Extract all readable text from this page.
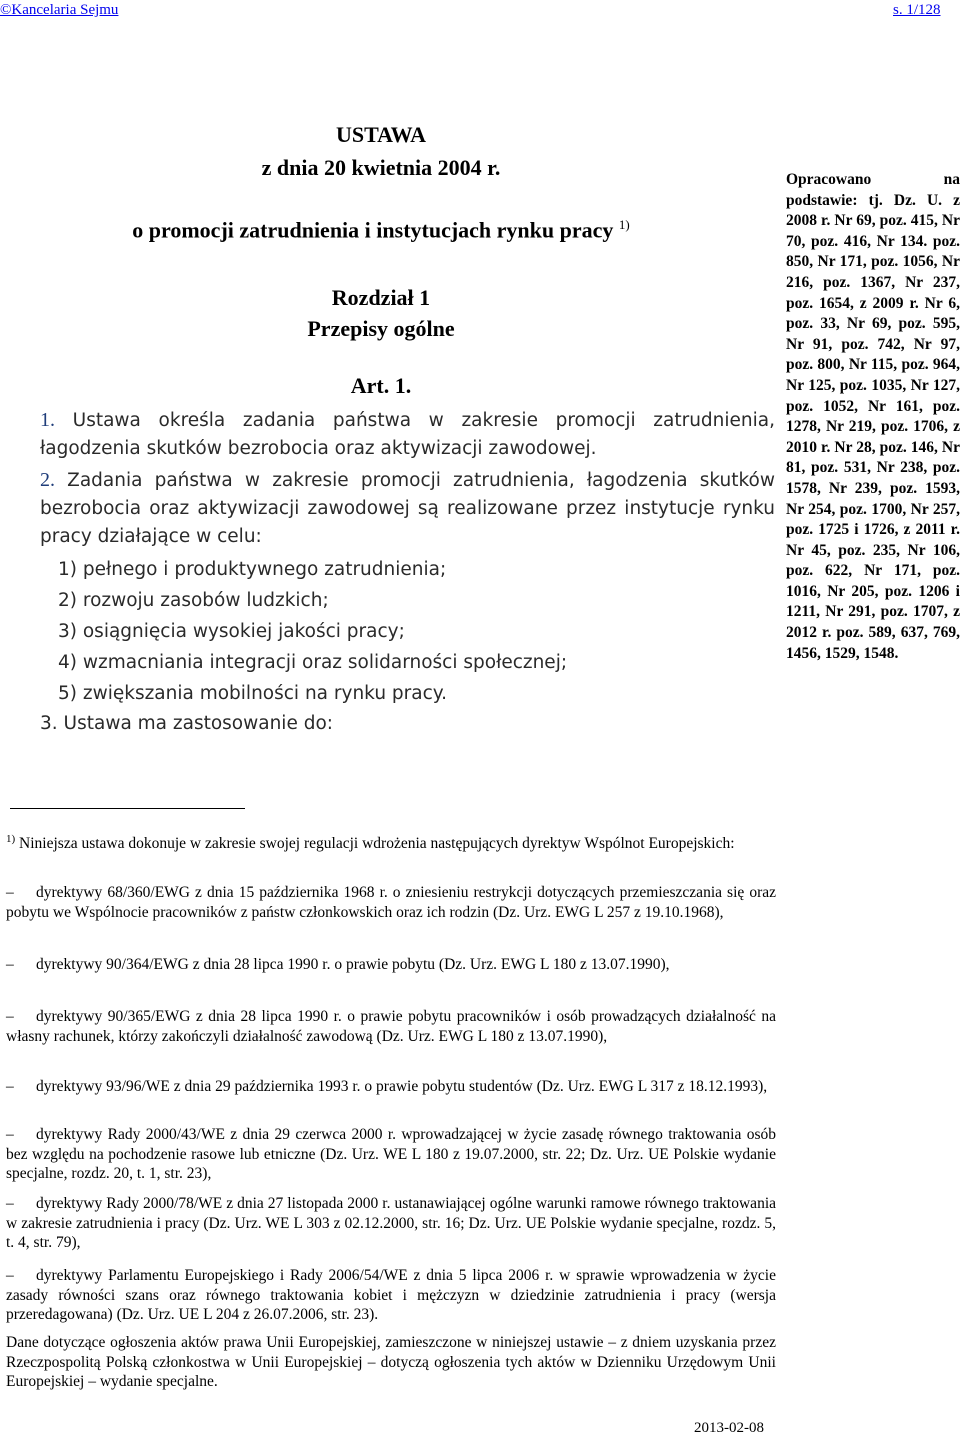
©Kancelaria Sejmu	s. 1/128
USTAWA
z dnia 20 kwietnia 2004 r.
o promocji zatrudnienia i instytucjach rynku pracy $^{1)}$
Rozdział 1
Przepisy ogólne
Art. 1.
1. Ustawa określa zadania państwa w zakresie promocji zatrudnienia, łagodzenia skutków bezrobocia oraz aktywizacji zawodowej.
2. Zadania państwa w zakresie promocji zatrudnienia, łagodzenia skutków bezrobocia oraz aktywizacji zawodowej są realizowane przez instytucje rynku pracy działające w celu:
1) pełnego i produktywnego zatrudnienia;
2) rozwoju zasobów ludzkich;
3) osiągnięcia wysokiej jakości pracy;
4) wzmacniania integracji oraz solidarności społecznej;
5) zwiększania mobilności na rynku pracy.
3. Ustawa ma zastosowanie do:
Opracowano na podstawie: tj. Dz. U. z 2008 r. Nr 69, poz. 415, Nr 70, poz. 416, Nr 134. poz. 850, Nr 171, poz. 1056, Nr 216, poz. 1367, Nr 237, poz. 1654, z 2009 r. Nr 6, poz. 33, Nr 69, poz. 595, Nr 91, poz. 742, Nr 97, poz. 800, Nr 115, poz. 964, Nr 125, poz. 1035, Nr 127, poz. 1052, Nr 161, poz. 1278, Nr 219, poz. 1706, z 2010 r. Nr 28, poz. 146, Nr 81, poz. 531, Nr 238, poz. 1578, Nr 239, poz. 1593, Nr 254, poz. 1700, Nr 257, poz. 1725 i 1726, z 2011 r. Nr 45, poz. 235, Nr 106, poz. 622, Nr 171, poz. 1016, Nr 205, poz. 1206 i 1211, Nr 291, poz. 1707, z 2012 r. poz. 589, 637, 769, 1456, 1529, 1548.
$^{1)}$ Niniejsza ustawa dokonuje w zakresie swojej regulacji wdrożenia następujących dyrektyw Wspólnot Europejskich:
– dyrektywy 68/360/EWG z dnia 15 października 1968 r. o zniesieniu restrykcji dotyczących przemieszczania się oraz pobytu we Wspólnocie pracowników z państw członkowskich oraz ich rodzin (Dz. Urz. EWG L 257 z 19.10.1968),
– dyrektywy 90/364/EWG z dnia 28 lipca 1990 r. o prawie pobytu (Dz. Urz. EWG L 180 z 13.07.1990),
– dyrektywy 90/365/EWG z dnia 28 lipca 1990 r. o prawie pobytu pracowników i osób prowadzących działalność na własny rachunek, którzy zakończyli działalność zawodową (Dz. Urz. EWG L 180 z 13.07.1990),
– dyrektywy 93/96/WE z dnia 29 października 1993 r. o prawie pobytu studentów (Dz. Urz. EWG L 317 z 18.12.1993),
– dyrektywy Rady 2000/43/WE z dnia 29 czerwca 2000 r. wprowadzającej w życie zasadę równego traktowania osób bez względu na pochodzenie rasowe lub etniczne (Dz. Urz. WE L 180 z 19.07.2000, str. 22; Dz. Urz. UE Polskie wydanie specjalne, rozdz. 20, t. 1, str. 23),
– dyrektywy Rady 2000/78/WE z dnia 27 listopada 2000 r. ustanawiającej ogólne warunki ramowe równego traktowania w zakresie zatrudnienia i pracy (Dz. Urz. WE L 303 z 02.12.2000, str. 16; Dz. Urz. UE Polskie wydanie specjalne, rozdz. 5, t. 4, str. 79),
– dyrektywy Parlamentu Europejskiego i Rady 2006/54/WE z dnia 5 lipca 2006 r. w sprawie wprowadzenia w życie zasady równości szans oraz równego traktowania kobiet i mężczyzn w dziedzinie zatrudnienia i pracy (wersja przeredagowana) (Dz. Urz. UE L 204 z 26.07.2006, str. 23).
Dane dotyczące ogłoszenia aktów prawa Unii Europejskiej, zamieszczone w niniejszej ustawie – z dniem uzyskania przez Rzeczpospolitą Polską członkostwa w Unii Europejskiej – dotyczą ogłoszenia tych aktów w Dzienniku Urzędowym Unii Europejskiej – wydanie specjalne.
2013-02-08
